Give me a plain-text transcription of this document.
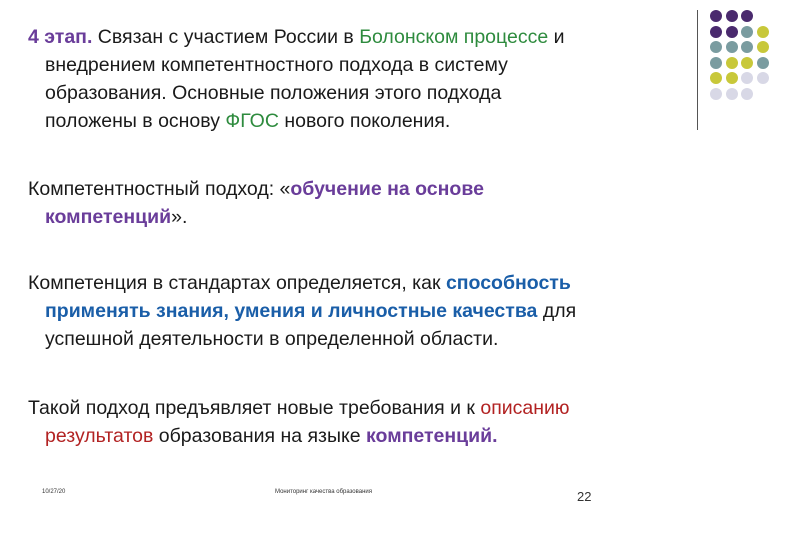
4 этап. Связан с участием России в Болонском процессе и
внедрением компетентностного подхода в систему
образования. Основные положения этого подхода
положены в основу ФГОС нового поколения.
Компетентностный подход: «обучение на основе
компетенций».
Компетенция в стандартах определяется, как способность
применять знания, умения и личностные качества для
успешной деятельности в определенной области.
Такой подход предъявляет новые требования и к описанию
результатов образования на языке компетенций.
10/27/20	Мониторинг качества образования	22
